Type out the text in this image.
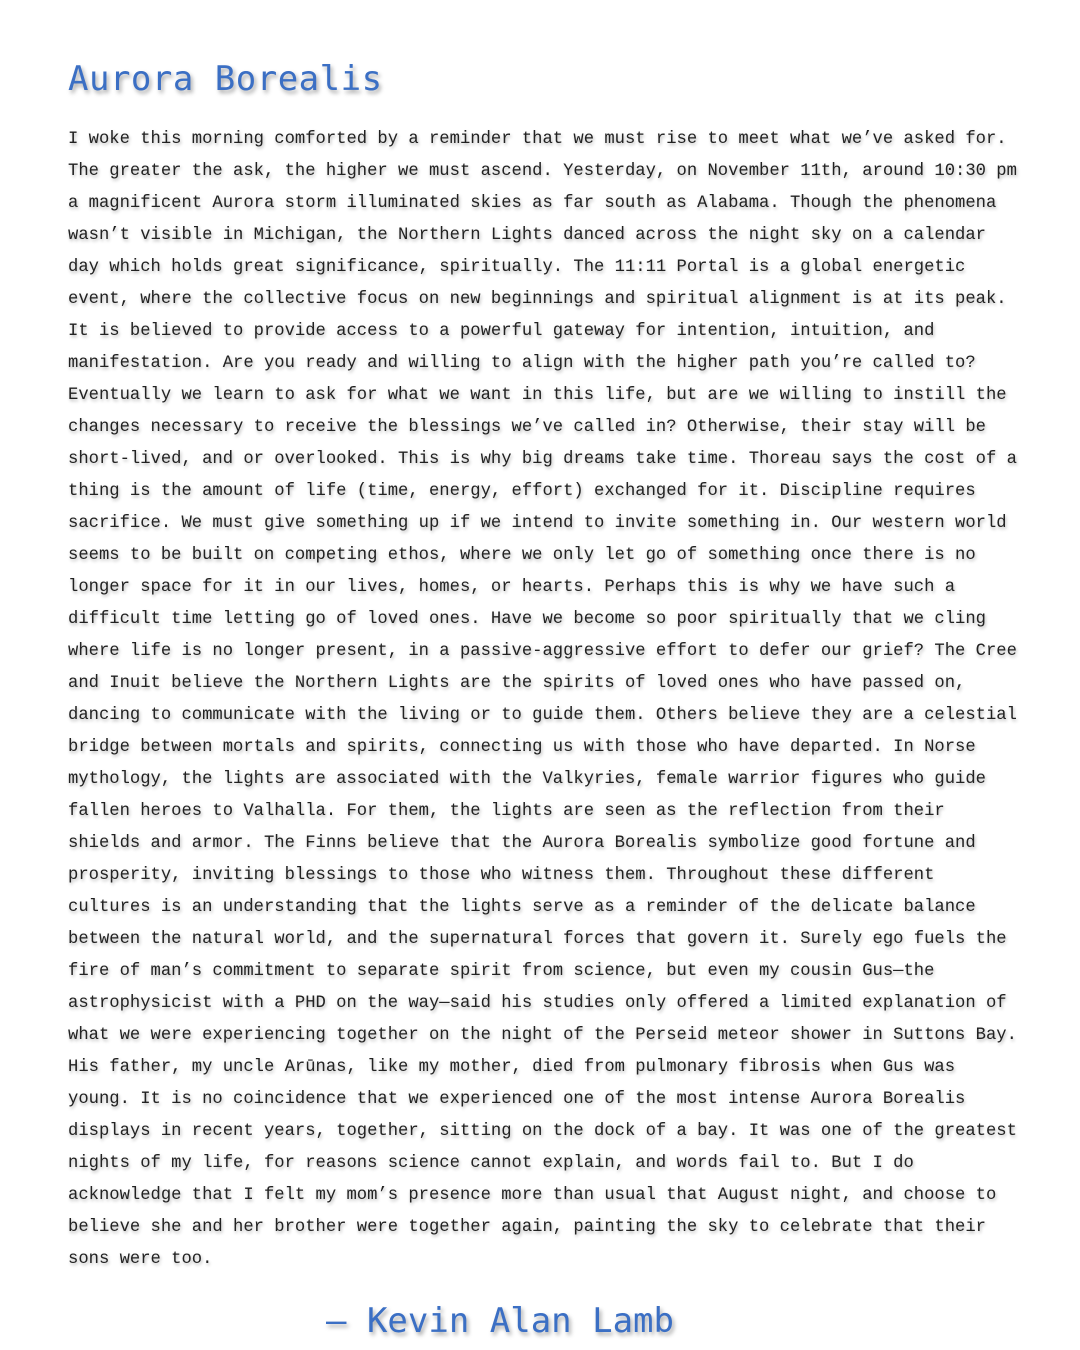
Aurora Borealis

I woke this morning comforted by a reminder that we must rise to meet what we’ve asked for. The greater the ask, the higher we must ascend. Yesterday, on November 11th, around 10:30 pm a magnificent Aurora storm illuminated skies as far south as Alabama. Though the phenomena wasn’t visible in Michigan, the Northern Lights danced across the night sky on a calendar day which holds great significance, spiritually. The 11:11 Portal is a global energetic event, where the collective focus on new beginnings and spiritual alignment is at its peak. It is believed to provide access to a powerful gateway for intention, intuition, and manifestation. Are you ready and willing to align with the higher path you’re called to? Eventually we learn to ask for what we want in this life, but are we willing to instill the changes necessary to receive the blessings we’ve called in? Otherwise, their stay will be short-lived, and or overlooked. This is why big dreams take time. Thoreau says the cost of a thing is the amount of life (time, energy, effort) exchanged for it. Discipline requires sacrifice. We must give something up if we intend to invite something in. Our western world seems to be built on competing ethos, where we only let go of something once there is no longer space for it in our lives, homes, or hearts. Perhaps this is why we have such a difficult time letting go of loved ones. Have we become so poor spiritually that we cling where life is no longer present, in a passive-aggressive effort to defer our grief? The Cree and Inuit believe the Northern Lights are the spirits of loved ones who have passed on, dancing to communicate with the living or to guide them. Others believe they are a celestial bridge between mortals and spirits, connecting us with those who have departed. In Norse mythology, the lights are associated with the Valkyries, female warrior figures who guide fallen heroes to Valhalla. For them, the lights are seen as the reflection from their shields and armor. The Finns believe that the Aurora Borealis symbolize good fortune and prosperity, inviting blessings to those who witness them. Throughout these different cultures is an understanding that the lights serve as a reminder of the delicate balance between the natural world, and the supernatural forces that govern it. Surely ego fuels the fire of man’s commitment to separate spirit from science, but even my cousin Gus—the astrophysicist with a PHD on the way—said his studies only offered a limited explanation of what we were experiencing together on the night of the Perseid meteor shower in Suttons Bay. His father, my uncle Arūnas, like my mother, died from pulmonary fibrosis when Gus was young. It is no coincidence that we experienced one of the most intense Aurora Borealis displays in recent years, together, sitting on the dock of a bay. It was one of the greatest nights of my life, for reasons science cannot explain, and words fail to. But I do acknowledge that I felt my mom’s presence more than usual that August night, and choose to believe she and her brother were together again, painting the sky to celebrate that their sons were too.

– Kevin Alan Lamb
